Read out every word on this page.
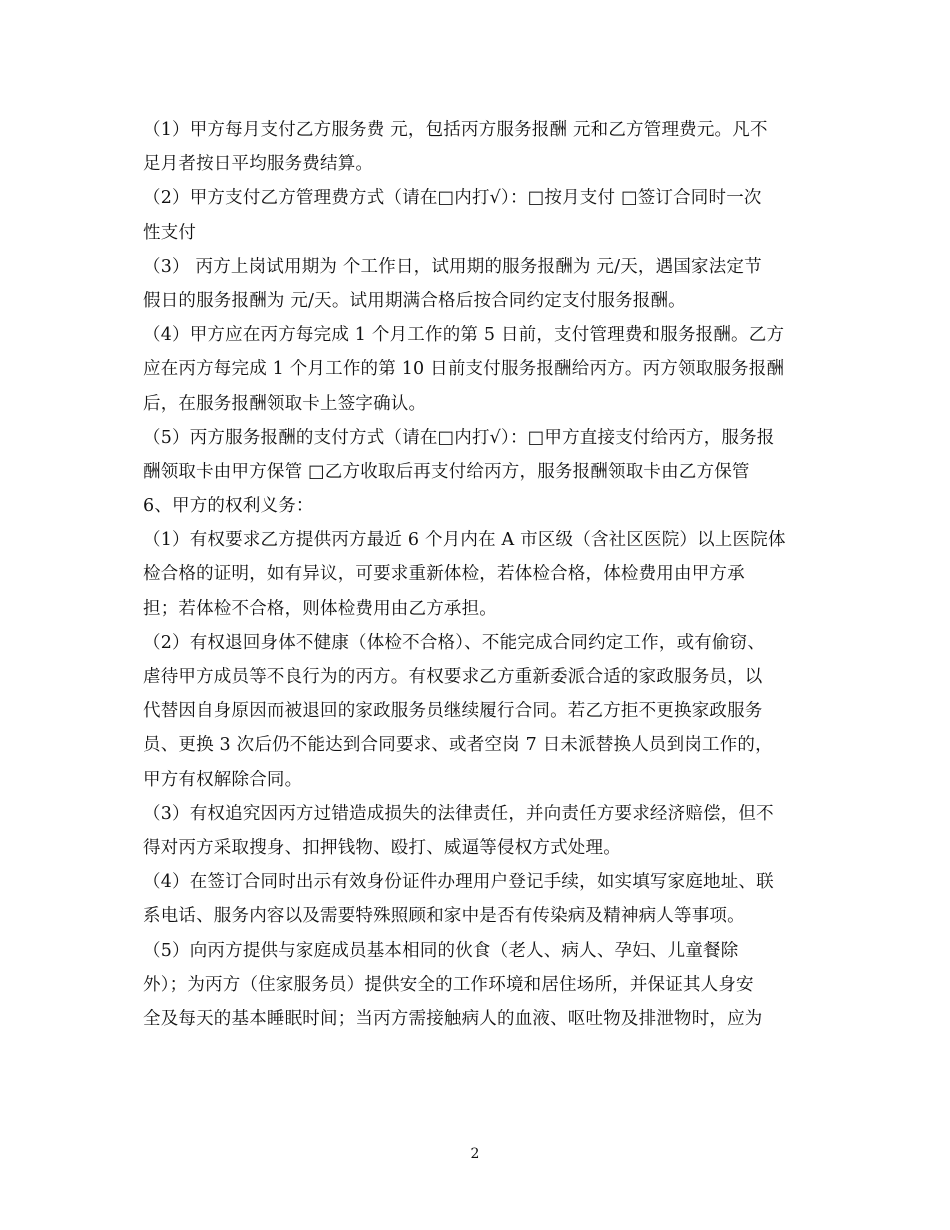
（1）甲方每月支付乙方服务费 元，包括丙方服务报酬 元和乙方管理费元。凡不
足月者按日平均服务费结算。
（2）甲方支付乙方管理费方式（请在□内打√）：□按月支付 □签订合同时一次
性支付
（3） 丙方上岗试用期为 个工作日，试用期的服务报酬为 元/天，遇国家法定节
假日的服务报酬为 元/天。试用期满合格后按合同约定支付服务报酬。
（4）甲方应在丙方每完成 1 个月工作的第 5 日前，支付管理费和服务报酬。乙方
应在丙方每完成 1 个月工作的第 10 日前支付服务报酬给丙方。丙方领取服务报酬
后，在服务报酬领取卡上签字确认。
（5）丙方服务报酬的支付方式（请在□内打√）：□甲方直接支付给丙方，服务报
酬领取卡由甲方保管 □乙方收取后再支付给丙方，服务报酬领取卡由乙方保管
6、甲方的权利义务：
（1）有权要求乙方提供丙方最近 6 个月内在 A 市区级（含社区医院）以上医院体
检合格的证明，如有异议，可要求重新体检，若体检合格，体检费用由甲方承
担；若体检不合格，则体检费用由乙方承担。
（2）有权退回身体不健康（体检不合格）、不能完成合同约定工作，或有偷窃、
虐待甲方成员等不良行为的丙方。有权要求乙方重新委派合适的家政服务员，以
代替因自身原因而被退回的家政服务员继续履行合同。若乙方拒不更换家政服务
员、更换 3 次后仍不能达到合同要求、或者空岗 7 日未派替换人员到岗工作的，
甲方有权解除合同。
（3）有权追究因丙方过错造成损失的法律责任，并向责任方要求经济赔偿，但不
得对丙方采取搜身、扣押钱物、殴打、威逼等侵权方式处理。
（4）在签订合同时出示有效身份证件办理用户登记手续，如实填写家庭地址、联
系电话、服务内容以及需要特殊照顾和家中是否有传染病及精神病人等事项。
（5）向丙方提供与家庭成员基本相同的伙食（老人、病人、孕妇、儿童餐除
外）；为丙方（住家服务员）提供安全的工作环境和居住场所，并保证其人身安
全及每天的基本睡眠时间；当丙方需接触病人的血液、呕吐物及排泄物时，应为
2
